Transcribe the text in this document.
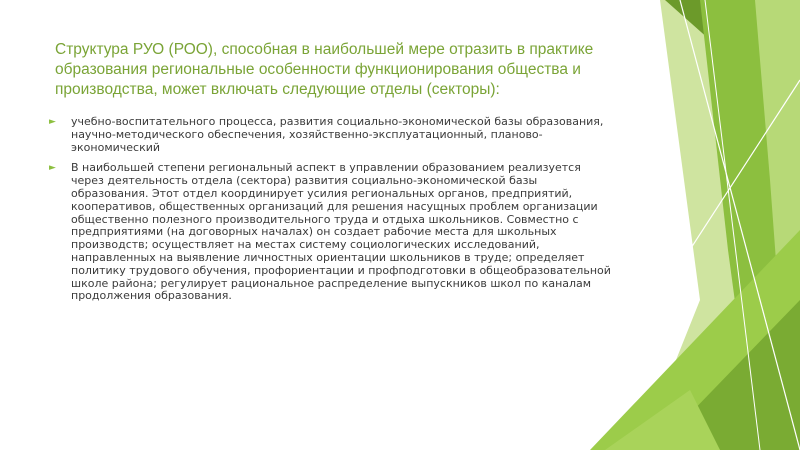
Структура РУО (РОО), способная в наибольшей мере отразить в практике образования региональные особенности функционирования общества и производства, может включать следующие отделы (секторы):
► учебно-воспитательного процесса, развития социально-экономической базы образования, научно-методического обеспечения, хозяйственно-эксплуатационный, планово-экономический
► В наибольшей степени региональный аспект в управлении образованием реализуется через деятельность отдела (сектора) развития социально-экономической базы образования. Этот отдел координирует усилия региональных органов, предприятий, кооперативов, общественных организаций для решения насущных проблем организации общественно полезного производительного труда и отдыха школьников. Совместно с предприятиями (на договорных началах) он создает рабочие места для школьных производств; осуществляет на местах систему социологических исследований, направленных на выявление личностных ориентации школьников в труде; определяет политику трудового обучения, профориентации и профподготовки в общеобразовательной школе района; регулирует рациональное распределение выпускников школ по каналам продолжения образования.
